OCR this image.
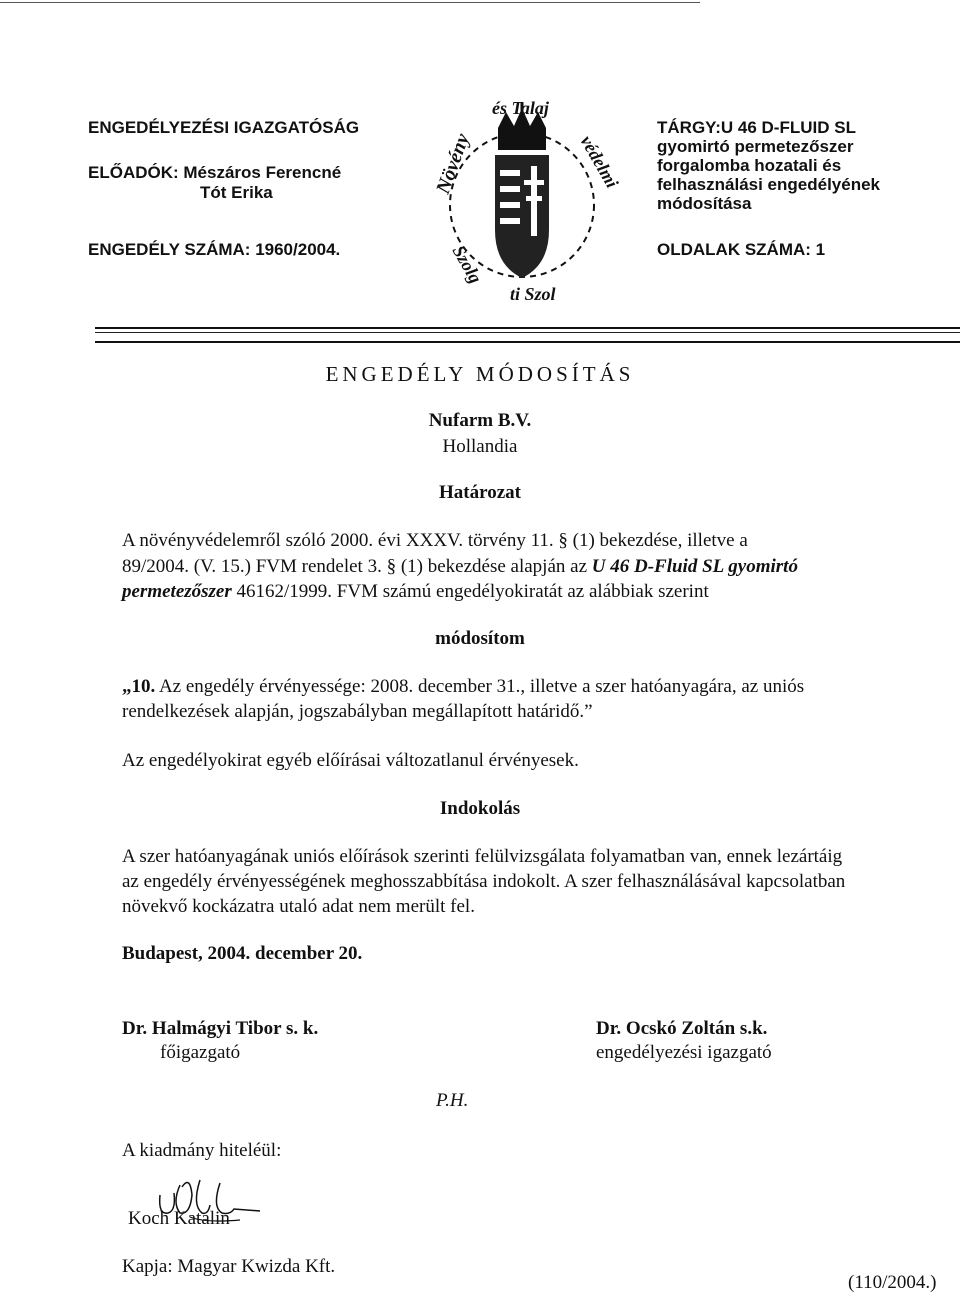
ENGEDÉLYEZÉSI IGAZGATÓSÁG
ELŐADÓK: Mészáros Ferencné
Tót Erika
ENGEDÉLY SZÁMA: 1960/2004.
Növény
és Talaj
védelmi
Szolg
ti Szol
TÁRGY:U 46 D-FLUID SL
gyomirtó permetezőszer
forgalomba hozatali és
felhasználási engedélyének
módosítása
OLDALAK SZÁMA: 1
ENGEDÉLY MÓDOSÍTÁS
Nufarm B.V.
Hollandia
Határozat
A növényvédelemről szóló 2000. évi XXXV. törvény 11. § (1) bekezdése, illetve a
89/2004. (V. 15.) FVM rendelet 3. § (1) bekezdése alapján az U 46 D-Fluid SL gyomirtó
permetezőszer 46162/1999. FVM számú engedélyokiratát az alábbiak szerint
módosítom
„10. Az engedély érvényessége: 2008. december 31., illetve a szer hatóanyagára, az uniós
rendelkezések alapján, jogszabályban megállapított határidő.”
Az engedélyokirat egyéb előírásai változatlanul érvényesek.
Indokolás
A szer hatóanyagának uniós előírások szerinti felülvizsgálata folyamatban van, ennek lezártáig
az engedély érvényességének meghosszabbítása indokolt. A szer felhasználásával kapcsolatban
növekvő kockázatra utaló adat nem merült fel.
Budapest, 2004. december 20.
Dr. Halmágyi Tibor s. k.
főigazgató
Dr. Ocskó Zoltán s.k.
engedélyezési igazgató
P.H.
A kiadmány hiteléül:
Koch Katalin
Kapja: Magyar Kwizda Kft.
(110/2004.)
